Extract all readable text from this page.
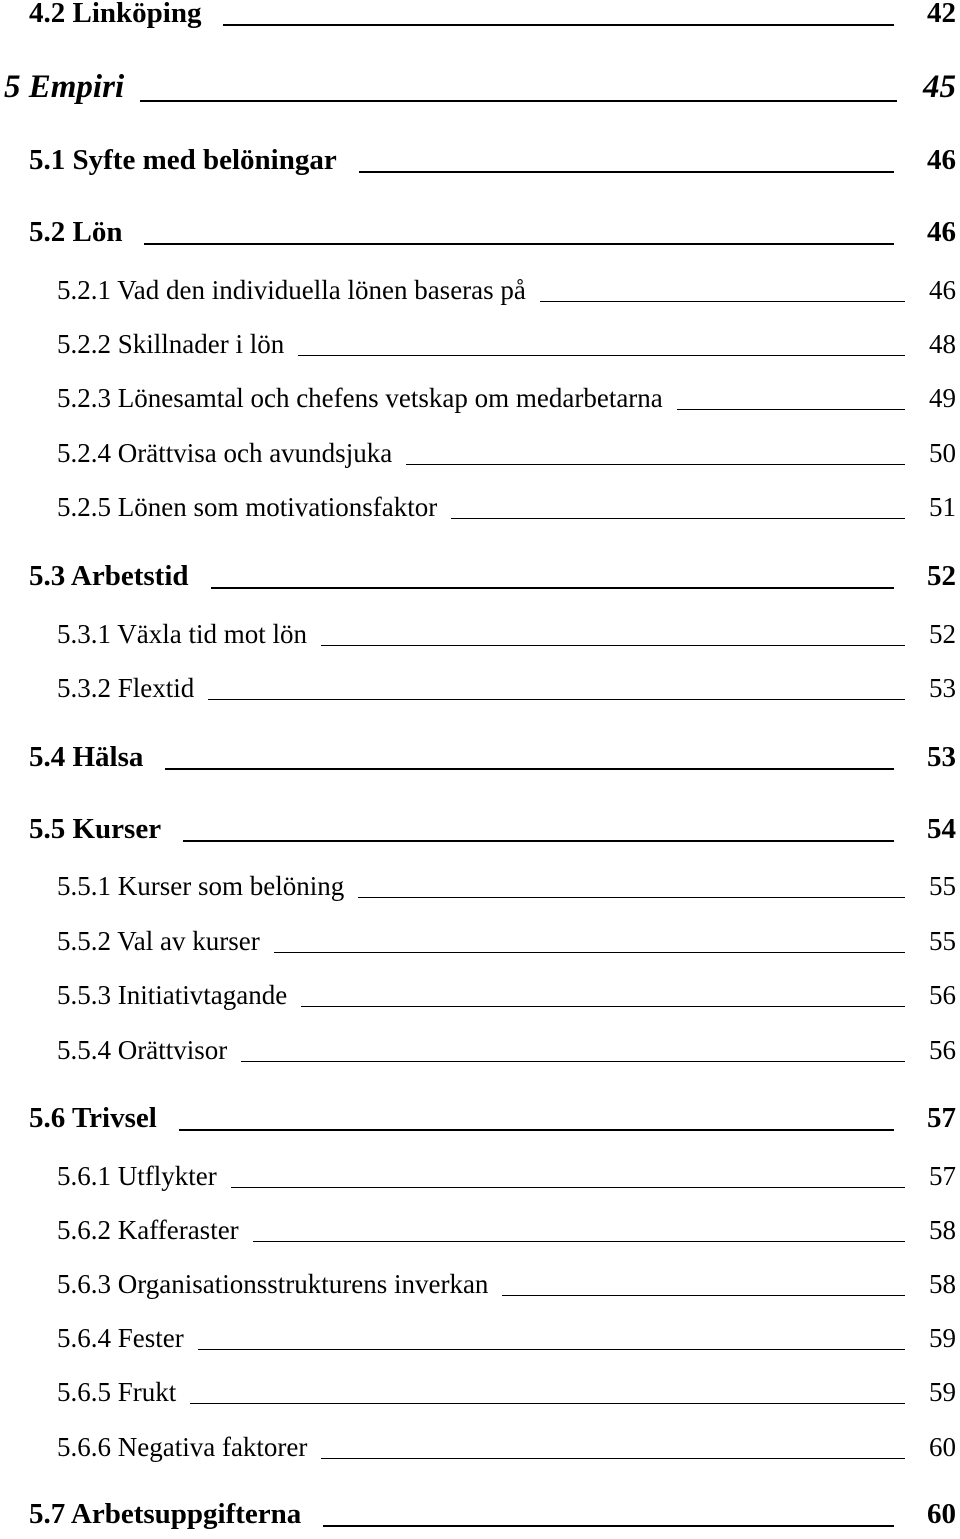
4.2 Linköping	42
5 Empiri	45
5.1 Syfte med belöningar	46
5.2 Lön	46
5.2.1 Vad den individuella lönen baseras på	46
5.2.2 Skillnader i lön	48
5.2.3 Lönesamtal och chefens vetskap om medarbetarna	49
5.2.4 Orättvisa och avundsjuka	50
5.2.5 Lönen som motivationsfaktor	51
5.3 Arbetstid	52
5.3.1 Växla tid mot lön	52
5.3.2 Flextid	53
5.4 Hälsa	53
5.5 Kurser	54
5.5.1 Kurser som belöning	55
5.5.2 Val av kurser	55
5.5.3 Initiativtagande	56
5.5.4 Orättvisor	56
5.6 Trivsel	57
5.6.1 Utflykter	57
5.6.2 Kafferaster	58
5.6.3 Organisationsstrukturens inverkan	58
5.6.4 Fester	59
5.6.5 Frukt	59
5.6.6 Negativa faktorer	60
5.7 Arbetsuppgifterna	60
